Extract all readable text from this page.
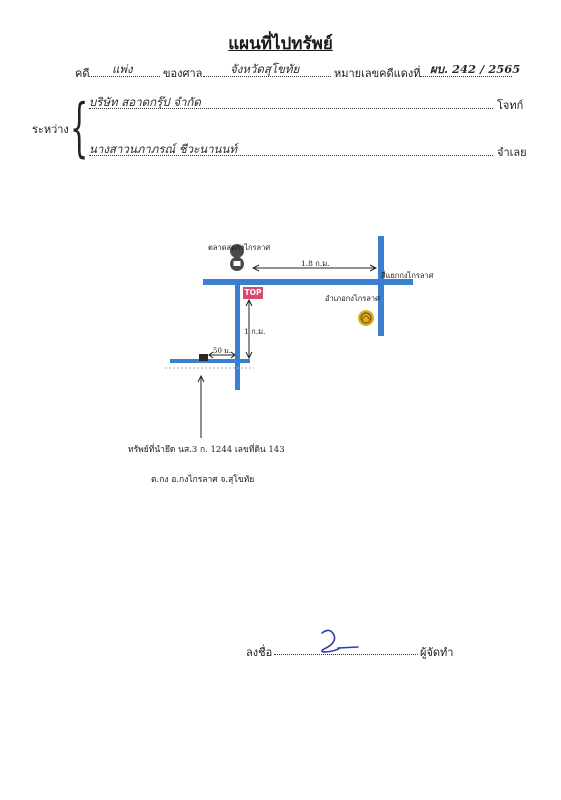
แผนที่ไปทรัพย์
คดี แพ่ง	ของศาล จังหวัดสุโขทัย	หมายเลขคดีแดงที่ ผบ. 242 / 2565
ระหว่าง { บริษัท สอาดกรุ๊ป จำกัด	โจทก์
นางสาวนภาภรณ์ ชีวะนานนท์	จำเลย
ตลาดสดกงไกรลาศ
1.8 ก.ม.
สี่แยกกงไกรลาศ
อำเภอกงไกรลาศ
TOP
1 ก.ม.
50 ม.
ทรัพย์ที่นำยึด นส.3 ก. 1244 เลขที่ดิน 143
ต.กง อ.กงไกรลาศ จ.สุโขทัย
ลงชื่อ	ผู้จัดทำ
